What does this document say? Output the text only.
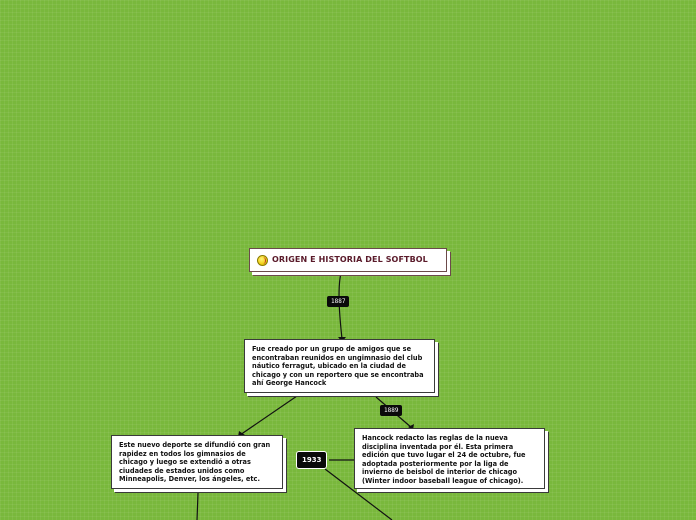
ORIGEN E HISTORIA DEL SOFTBOL
1887
Fue creado por un grupo de amigos que se encontraban reunidos en ungimnasio del club náutico ferragut, ubicado en la ciudad de chicago y con un reportero que se encontraba ahí George Hancock
1889
Este nuevo deporte se difundió con gran rapidez en todos los gimnasios de chicago y luego se extendió a otras ciudades de estados unidos como Minneapolis, Denver, los ángeles, etc.
1933
Hancock redacto las reglas de la nueva disciplina inventada por él. Esta primera edición que tuvo lugar el 24 de octubre, fue adoptada posteriormente por la liga de invierno de beisbol de interior de chicago (Winter indoor baseball league of chicago).
